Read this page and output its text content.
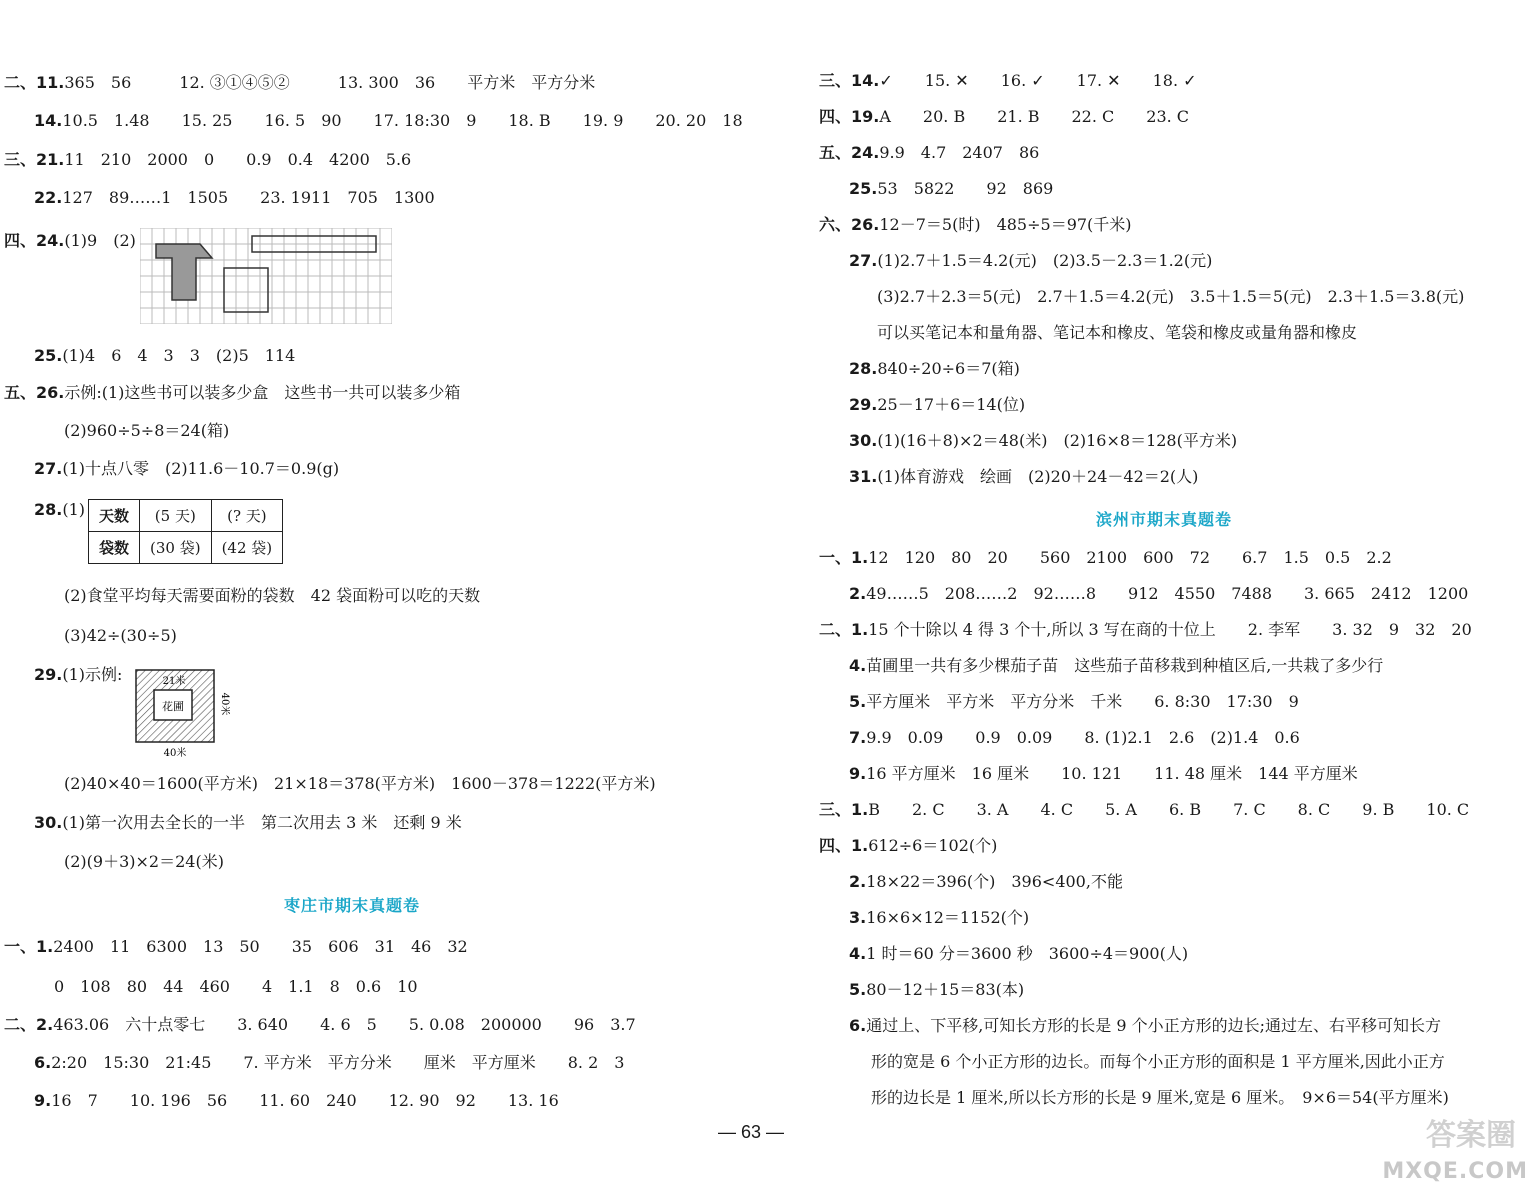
二、11.365　56　　　12. ③①④⑤②　　　13. 300　36　　平方米　平方分米
14.10.5　1.48　　15. 25　　16. 5　90　　17. 18:30　9　　18. B　　19. 9　　20. 20　18
三、21.11　210　2000　0　　0.9　0.4　4200　5.6
22.127　89……1　1505　　23. 1911　705　1300
四、24.(1)9　(2)
25.(1)4　6　4　3　3　(2)5　114
五、26.示例:(1)这些书可以装多少盒　这些书一共可以装多少箱
(2)960÷5÷8＝24(箱)
27.(1)十点八零　(2)11.6－10.7＝0.9(g)
28.(1)
(2)食堂平均每天需要面粉的袋数　42 袋面粉可以吃的天数
(3)42÷(30÷5)
29.(1)示例:
(2)40×40＝1600(平方米)　21×18＝378(平方米)　1600－378＝1222(平方米)
30.(1)第一次用去全长的一半　第二次用去 3 米　还剩 9 米
(2)(9＋3)×2＝24(米)
一、1.2400　11　6300　13　50　　35　606　31　46　32
0　108　80　44　460　　4　1.1　8　0.6　10
二、2.463.06　六十点零七　　3. 640　　4. 6　5　　5. 0.08　200000　　96　3.7
6.2:20　15:30　21:45　　7. 平方米　平方分米　　厘米　平方厘米　　8. 2　3
9.16　7　　10. 196　56　　11. 60　240　　12. 90　92　　13. 16
三、14.✓　　15. ✕　　16. ✓　　17. ✕　　18. ✓
四、19.A　　20. B　　21. B　　22. C　　23. C
五、24.9.9　4.7　2407　86
25.53　5822　　92　869
六、26.12－7＝5(时)　485÷5＝97(千米)
27.(1)2.7＋1.5＝4.2(元)　(2)3.5－2.3＝1.2(元)
(3)2.7＋2.3＝5(元)　2.7＋1.5＝4.2(元)　3.5＋1.5＝5(元)　2.3＋1.5＝3.8(元)
可以买笔记本和量角器、笔记本和橡皮、笔袋和橡皮或量角器和橡皮
28.840÷20÷6＝7(箱)
29.25－17＋6＝14(位)
30.(1)(16＋8)×2＝48(米)　(2)16×8＝128(平方米)
31.(1)体育游戏　绘画　(2)20＋24－42＝2(人)
一、1.12　120　80　20　　560　2100　600　72　　6.7　1.5　0.5　2.2
2.49……5　208……2　92……8　　912　4550　7488　　3. 665　2412　1200
二、1.15 个十除以 4 得 3 个十,所以 3 写在商的十位上　　2. 李军　　3. 32　9　32　20
4.苗圃里一共有多少棵茄子苗　这些茄子苗移栽到种植区后,一共栽了多少行
5.平方厘米　平方米　平方分米　千米　　6. 8:30　17:30　9
7.9.9　0.09　　0.9　0.09　　8. (1)2.1　2.6　(2)1.4　0.6
9.16 平方厘米　16 厘米　　10. 121　　11. 48 厘米　144 平方厘米
三、1.B　　2. C　　3. A　　4. C　　5. A　　6. B　　7. C　　8. C　　9. B　　10. C
四、1.612÷6＝102(个)
2.18×22＝396(个)　396<400,不能
3.16×6×12＝1152(个)
4.1 时＝60 分＝3600 秒　3600÷4＝900(人)
5.80－12＋15＝83(本)
6.通过上、下平移,可知长方形的长是 9 个小正方形的边长;通过左、右平移可知长方
形的宽是 6 个小正方形的边长。而每个小正方形的面积是 1 平方厘米,因此小正方
形的边长是 1 厘米,所以长方形的长是 9 厘米,宽是 6 厘米。　9×6＝54(平方厘米)
枣庄市期末真题卷
滨州市期末真题卷
天数	(5 天)	(? 天)
袋数	(30 袋)	(42 袋)
花圃
21米
40米
40米
— 63 —	答案圈
MXQE.COM
